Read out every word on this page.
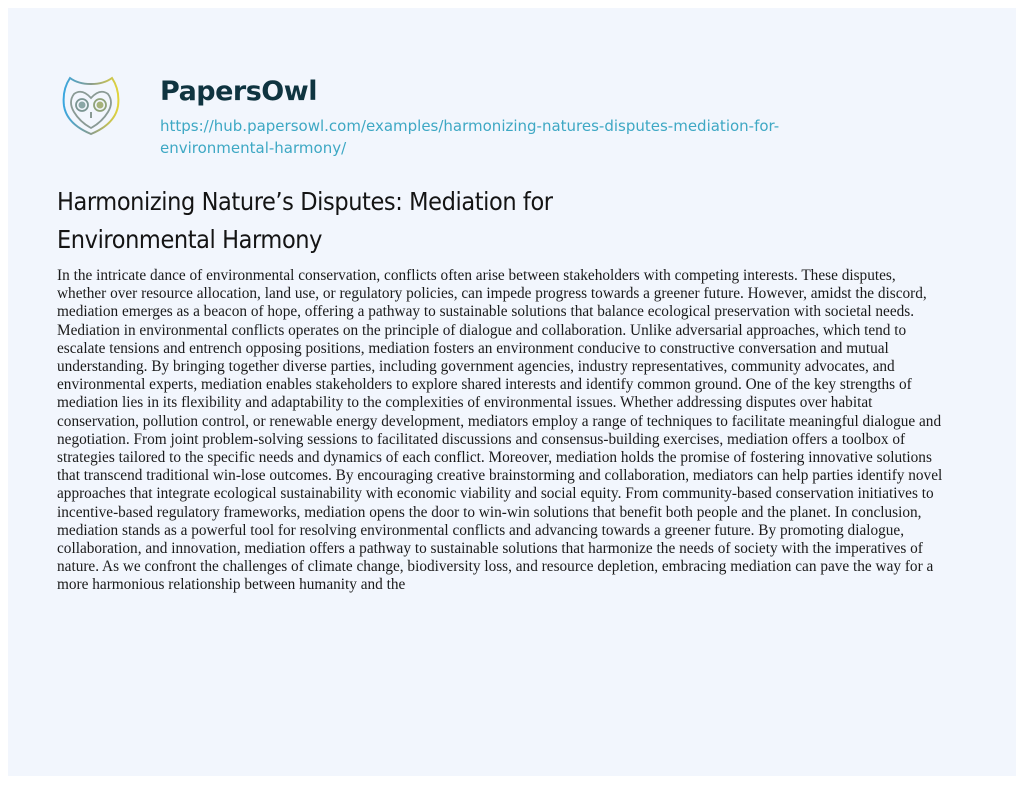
PapersOwl
https://hub.papersowl.com/examples/harmonizing-natures-disputes-mediation-for-
environmental-harmony/
Harmonizing Nature’s Disputes: Mediation for
Environmental Harmony
In the intricate dance of environmental conservation, conflicts often arise between stakeholders with competing interests. These disputes,
whether over resource allocation, land use, or regulatory policies, can impede progress towards a greener future. However, amidst the discord,
mediation emerges as a beacon of hope, offering a pathway to sustainable solutions that balance ecological preservation with societal needs.
Mediation in environmental conflicts operates on the principle of dialogue and collaboration. Unlike adversarial approaches, which tend to
escalate tensions and entrench opposing positions, mediation fosters an environment conducive to constructive conversation and mutual
understanding. By bringing together diverse parties, including government agencies, industry representatives, community advocates, and
environmental experts, mediation enables stakeholders to explore shared interests and identify common ground. One of the key strengths of
mediation lies in its flexibility and adaptability to the complexities of environmental issues. Whether addressing disputes over habitat
conservation, pollution control, or renewable energy development, mediators employ a range of techniques to facilitate meaningful dialogue and
negotiation. From joint problem-solving sessions to facilitated discussions and consensus-building exercises, mediation offers a toolbox of
strategies tailored to the specific needs and dynamics of each conflict. Moreover, mediation holds the promise of fostering innovative solutions
that transcend traditional win-lose outcomes. By encouraging creative brainstorming and collaboration, mediators can help parties identify novel
approaches that integrate ecological sustainability with economic viability and social equity. From community-based conservation initiatives to
incentive-based regulatory frameworks, mediation opens the door to win-win solutions that benefit both people and the planet. In conclusion,
mediation stands as a powerful tool for resolving environmental conflicts and advancing towards a greener future. By promoting dialogue,
collaboration, and innovation, mediation offers a pathway to sustainable solutions that harmonize the needs of society with the imperatives of
nature. As we confront the challenges of climate change, biodiversity loss, and resource depletion, embracing mediation can pave the way for a
more harmonious relationship between humanity and the
